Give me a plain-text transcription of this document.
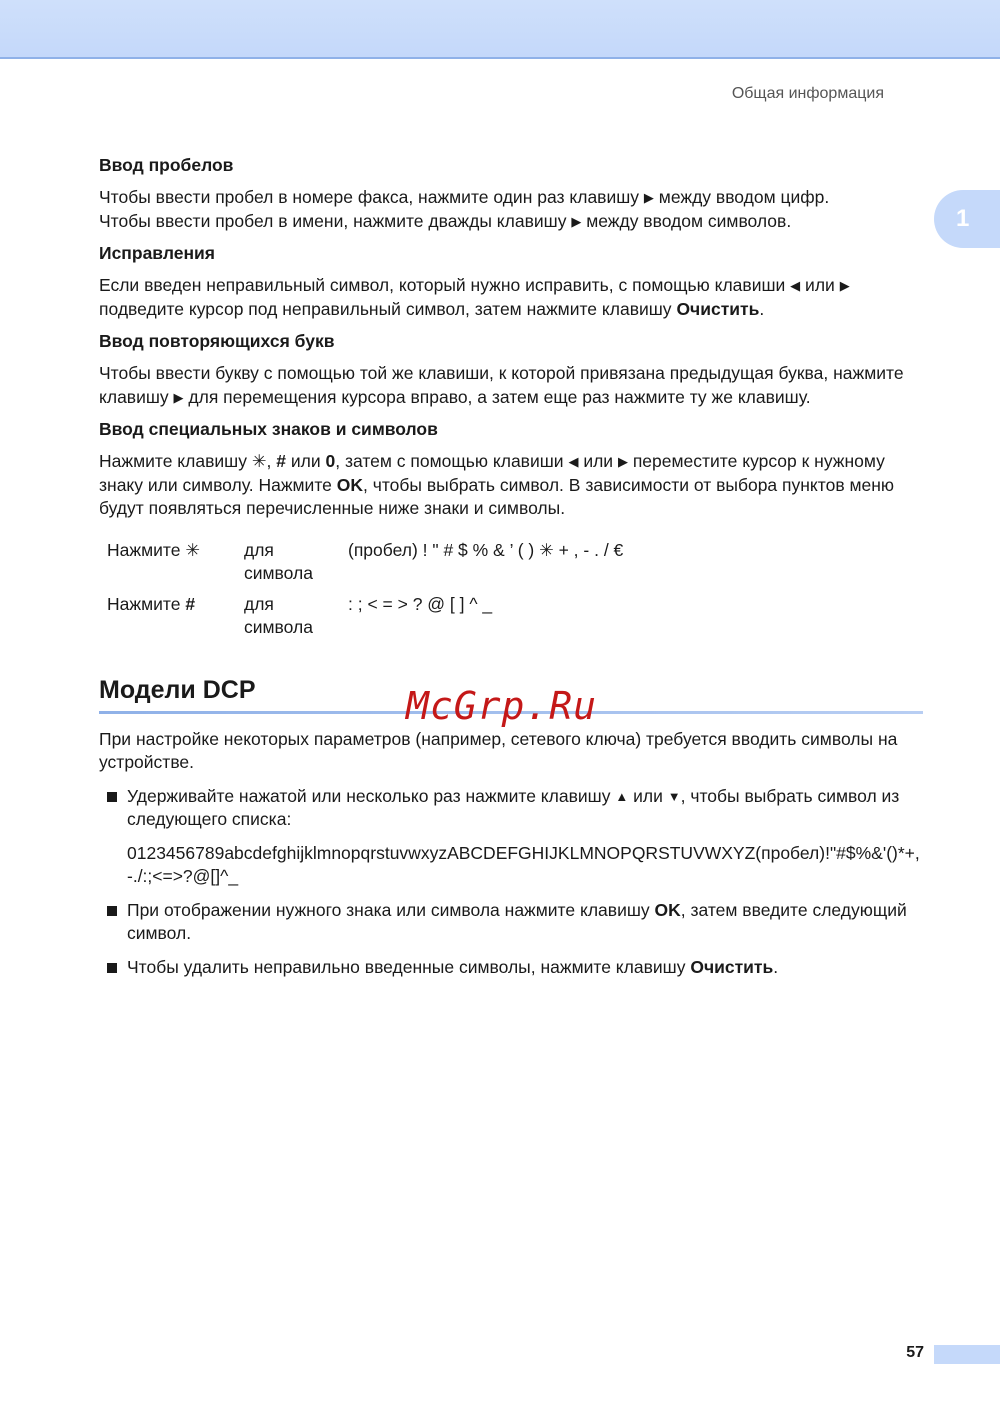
Общая информация
1
Ввод пробелов

Чтобы ввести пробел в номере факса, нажмите один раз клавишу ▶ между вводом цифр.
Чтобы ввести пробел в имени, нажмите дважды клавишу ▶ между вводом символов.

Исправления

Если введен неправильный символ, который нужно исправить, с помощью клавиши ◀ или ▶ подведите курсор под неправильный символ, затем нажмите клавишу Очистить.

Ввод повторяющихся букв

Чтобы ввести букву с помощью той же клавиши, к которой привязана предыдущая буква, нажмите клавишу ▶ для перемещения курсора вправо, а затем еще раз нажмите ту же клавишу.

Ввод специальных знаков и символов

Нажмите клавишу ✳, # или 0, затем с помощью клавиши ◀ или ▶ переместите курсор к нужному знаку или символу. Нажмите OK, чтобы выбрать символ. В зависимости от выбора пунктов меню будут появляться перечисленные ниже знаки и символы.

Нажмите ✳	для символа
(пробел) ! " # $ % & ’ ( ) ✳ + , - . / €
Нажмите #	для символа
: ; < = > ? @ [ ] ^ _
Модели DCP

При настройке некоторых параметров (например, сетевого ключа) требуется вводить символы на устройстве.

Удерживайте нажатой или несколько раз нажмите клавишу ▲ или ▼, чтобы выбрать символ из следующего списка:
0123456789abcdefghijklmnopqrstuvwxyzABCDEFGHIJKLMNOPQRSTUVWXYZ(пробел)!"#$%&'()*+,-./:;<=>?@[]^_
При отображении нужного знака или символа нажмите клавишу OK, затем введите следующий символ.
Чтобы удалить неправильно введенные символы, нажмите клавишу Очистить.
McGrp.Ru
57
